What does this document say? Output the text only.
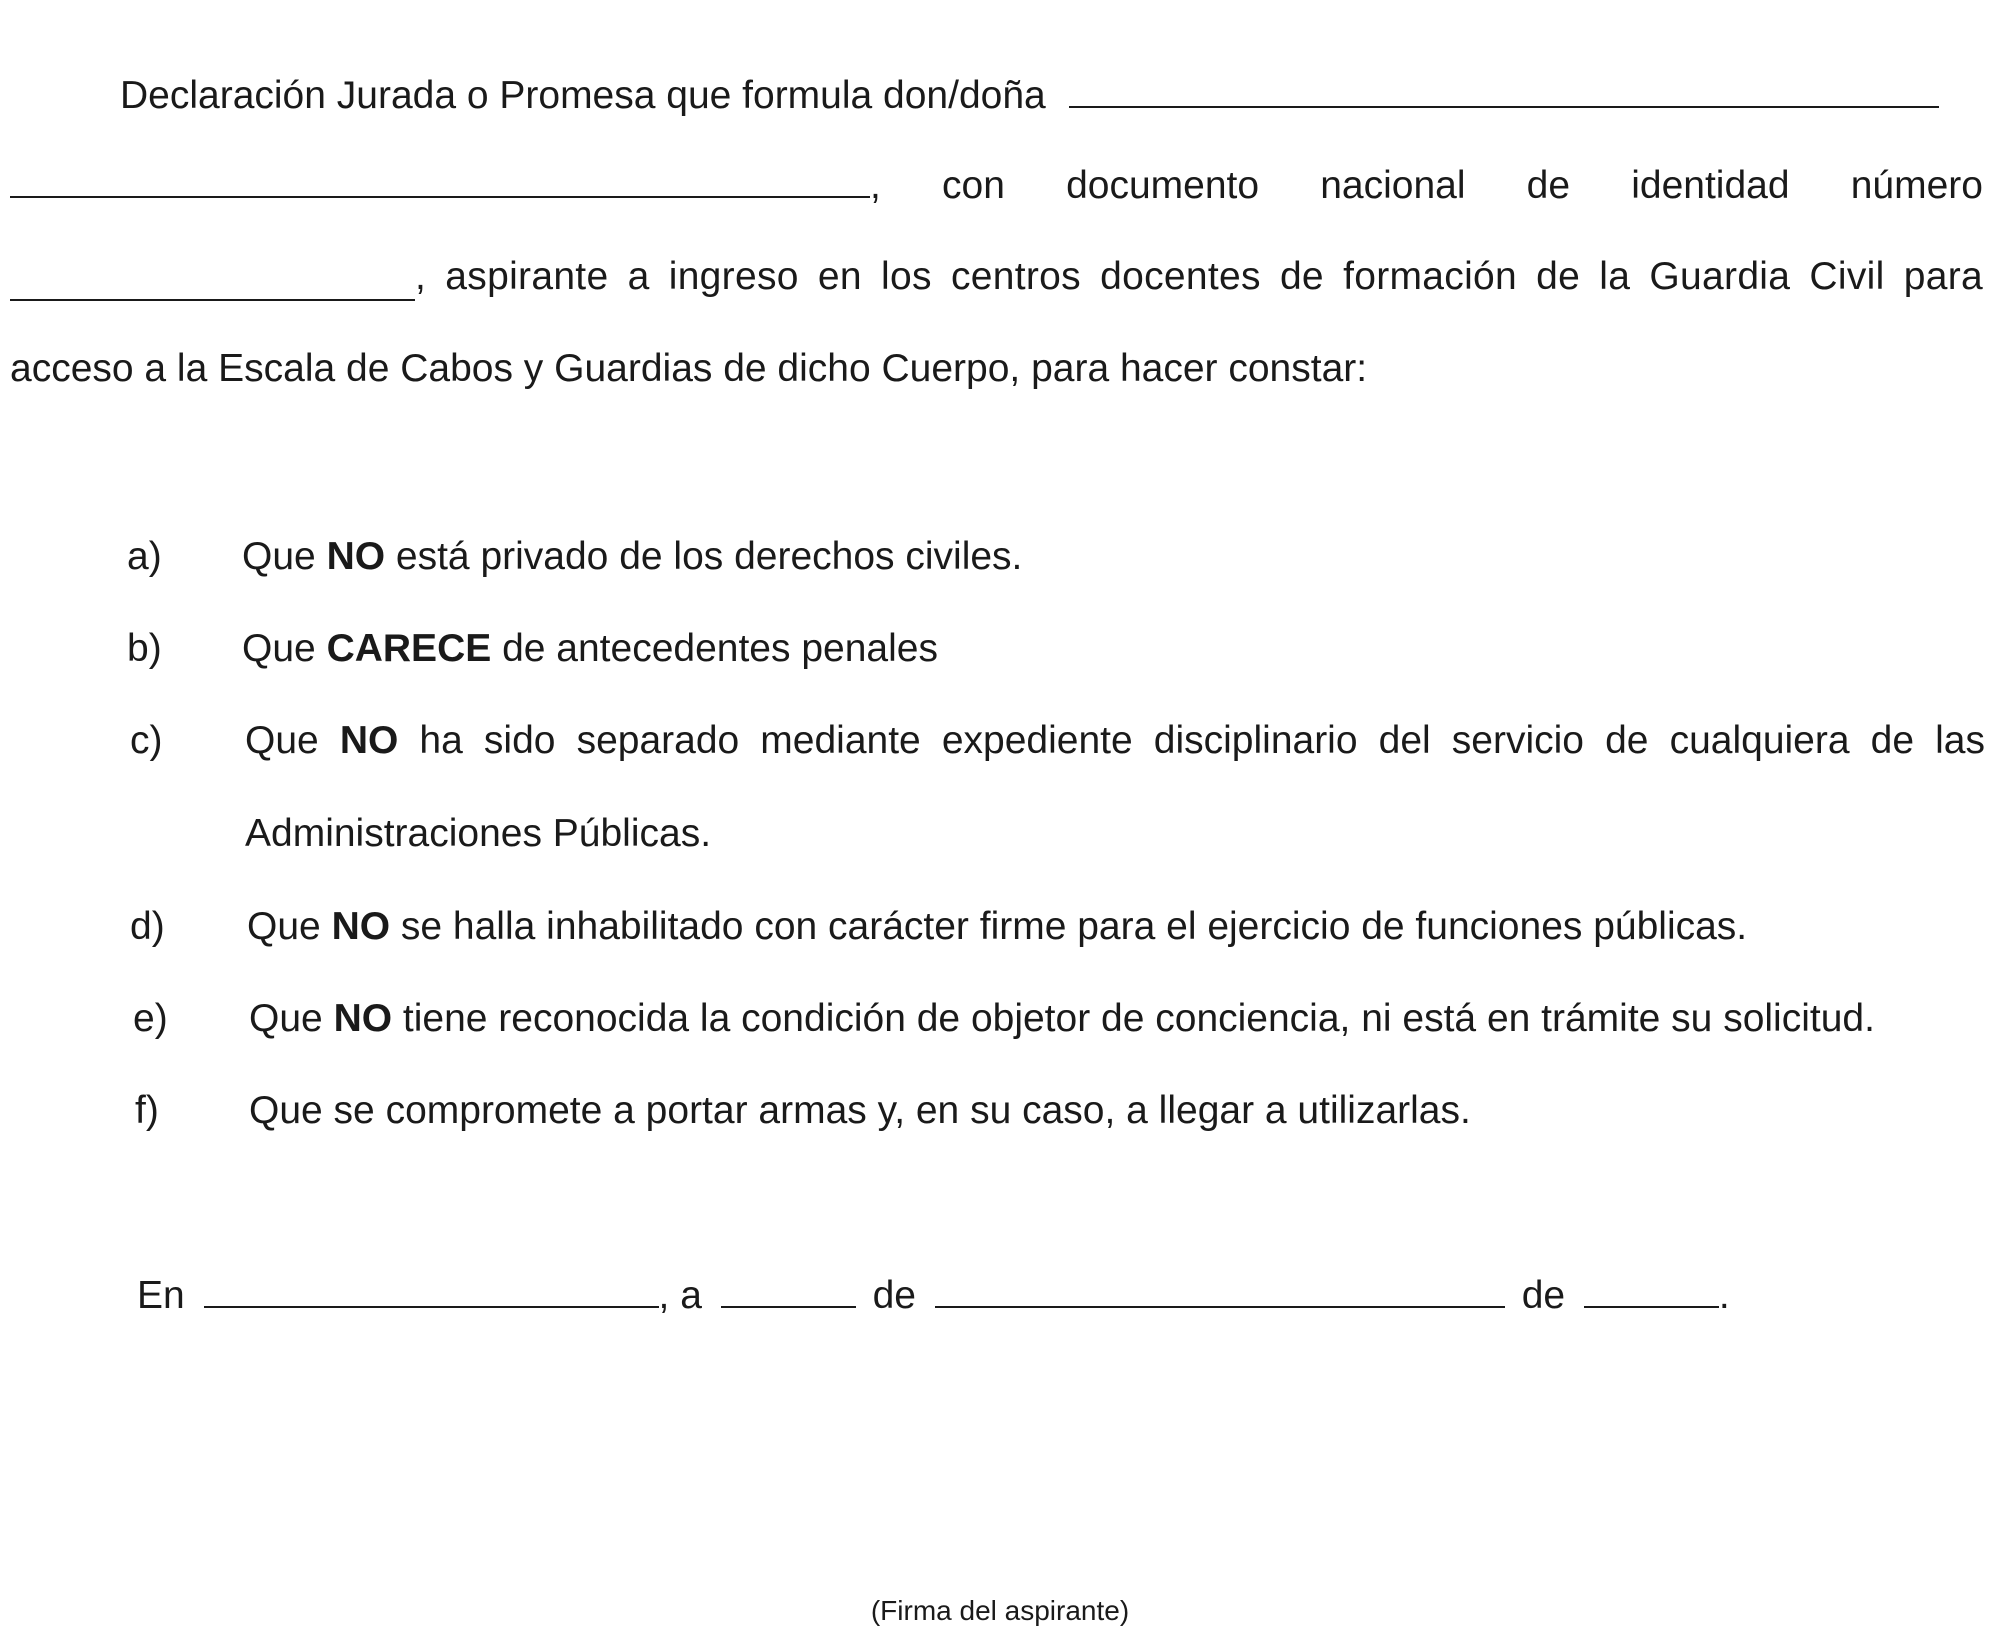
Declaración Jurada o Promesa que formula don/doña
, con documento nacional de identidad número
, aspirante a ingreso en los centros docentes de formación de la Guardia Civil para
acceso a la Escala de Cabos y Guardias de dicho Cuerpo, para hacer constar:
a) Que NO está privado de los derechos civiles.
b) Que CARECE de antecedentes penales
c) Que NO ha sido separado mediante expediente disciplinario del servicio de cualquiera de las
Administraciones Públicas.
d) Que NO se halla inhabilitado con carácter firme para el ejercicio de funciones públicas.
e) Que NO tiene reconocida la condición de objetor de conciencia, ni está en trámite su solicitud.
f) Que se compromete a portar armas y, en su caso, a llegar a utilizarlas.
En	, a	de	de	.
(Firma del aspirante)
